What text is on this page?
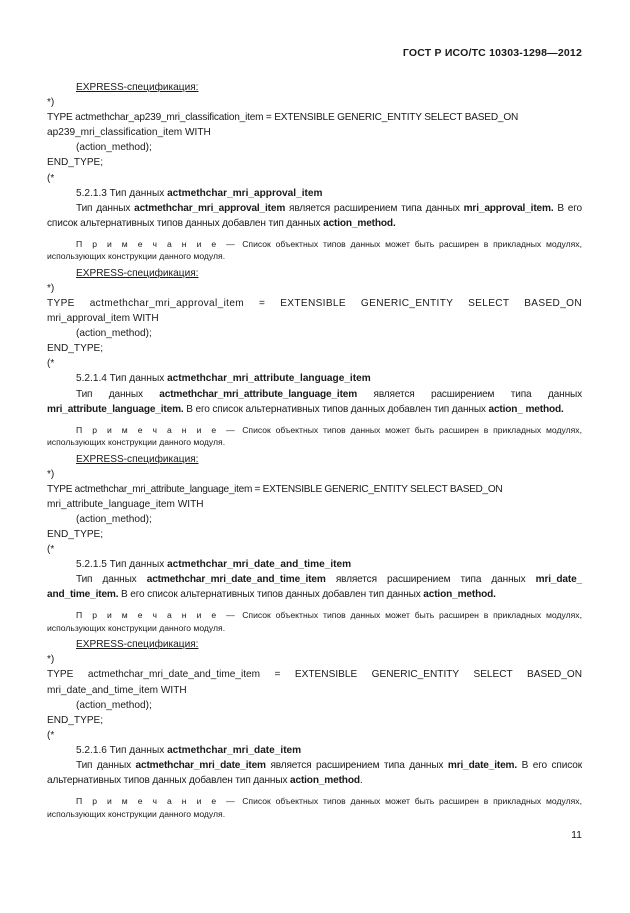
ГОСТ Р ИСО/ТС 10303-1298—2012
EXPRESS-спецификация:
*)
TYPE actmethchar_ap239_mri_classification_item = EXTENSIBLE GENERIC_ENTITY SELECT BASED_ON
ap239_mri_classification_item WITH
(action_method);
END_TYPE;
(*
5.2.1.3 Тип данных actmethchar_mri_approval_item
Тип данных actmethchar_mri_approval_item является расширением типа данных mri_approval_item. В его список альтернативных типов данных добавлен тип данных action_method.
П р и м е ч а н и е — Список объектных типов данных может быть расширен в прикладных модулях, использующих конструкции данного модуля.
EXPRESS-спецификация:
*)
TYPE actmethchar_mri_approval_item = EXTENSIBLE GENERIC_ENTITY SELECT BASED_ON
mri_approval_item WITH
(action_method);
END_TYPE;
(*
5.2.1.4 Тип данных actmethchar_mri_attribute_language_item
Тип данных actmethchar_mri_attribute_language_item является расширением типа данных mri_attribute_language_item. В его список альтернативных типов данных добавлен тип данных action_ method.
П р и м е ч а н и е — Список объектных типов данных может быть расширен в прикладных модулях, использующих конструкции данного модуля.
EXPRESS-спецификация:
*)
TYPE actmethchar_mri_attribute_language_item = EXTENSIBLE GENERIC_ENTITY SELECT BASED_ON
mri_attribute_language_item WITH
(action_method);
END_TYPE;
(*
5.2.1.5 Тип данных actmethchar_mri_date_and_time_item
Тип данных actmethchar_mri_date_and_time_item является расширением типа данных mri_date_ and_time_item. В его список альтернативных типов данных добавлен тип данных action_method.
П р и м е ч а н и е — Список объектных типов данных может быть расширен в прикладных модулях, использующих конструкции данного модуля.
EXPRESS-спецификация:
*)
TYPE actmethchar_mri_date_and_time_item = EXTENSIBLE GENERIC_ENTITY SELECT BASED_ON
mri_date_and_time_item WITH
(action_method);
END_TYPE;
(*
5.2.1.6 Тип данных actmethchar_mri_date_item
Тип данных actmethchar_mri_date_item является расширением типа данных mri_date_item. В его список альтернативных типов данных добавлен тип данных action_method.
П р и м е ч а н и е — Список объектных типов данных может быть расширен в прикладных модулях, использующих конструкции данного модуля.
11
